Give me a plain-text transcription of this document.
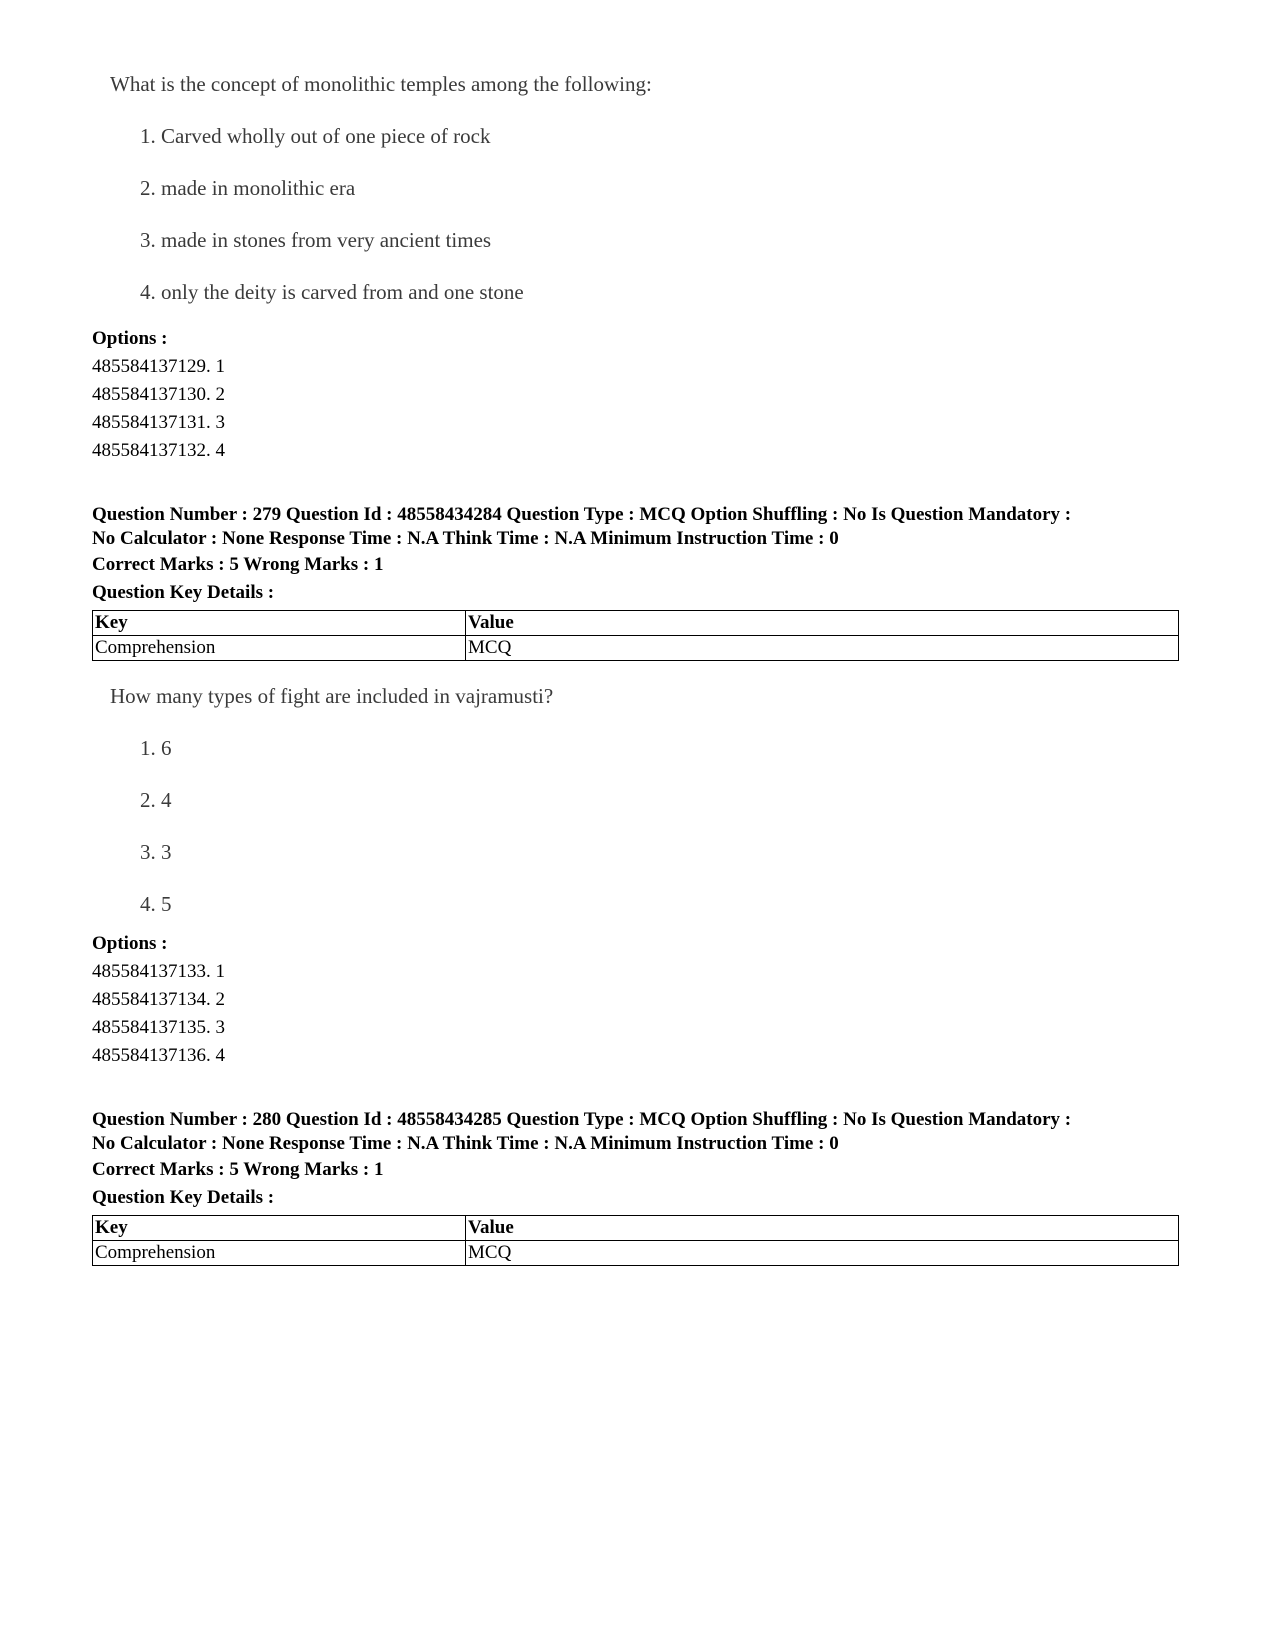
What is the concept of monolithic temples among the following:
1. Carved wholly out of one piece of rock
2. made in monolithic era
3. made in stones from very ancient times
4. only the deity is carved from and one stone
Options :
485584137129. 1
485584137130. 2
485584137131. 3
485584137132. 4
Question Number : 279 Question Id : 48558434284 Question Type : MCQ Option Shuffling : No Is Question Mandatory :
No Calculator : None Response Time : N.A Think Time : N.A Minimum Instruction Time : 0
Correct Marks : 5 Wrong Marks : 1
Question Key Details :
Key	Value
Comprehension	MCQ
How many types of fight are included in vajramusti?
1. 6
2. 4
3. 3
4. 5
Options :
485584137133. 1
485584137134. 2
485584137135. 3
485584137136. 4
Question Number : 280 Question Id : 48558434285 Question Type : MCQ Option Shuffling : No Is Question Mandatory :
No Calculator : None Response Time : N.A Think Time : N.A Minimum Instruction Time : 0
Correct Marks : 5 Wrong Marks : 1
Question Key Details :
Key	Value
Comprehension	MCQ
